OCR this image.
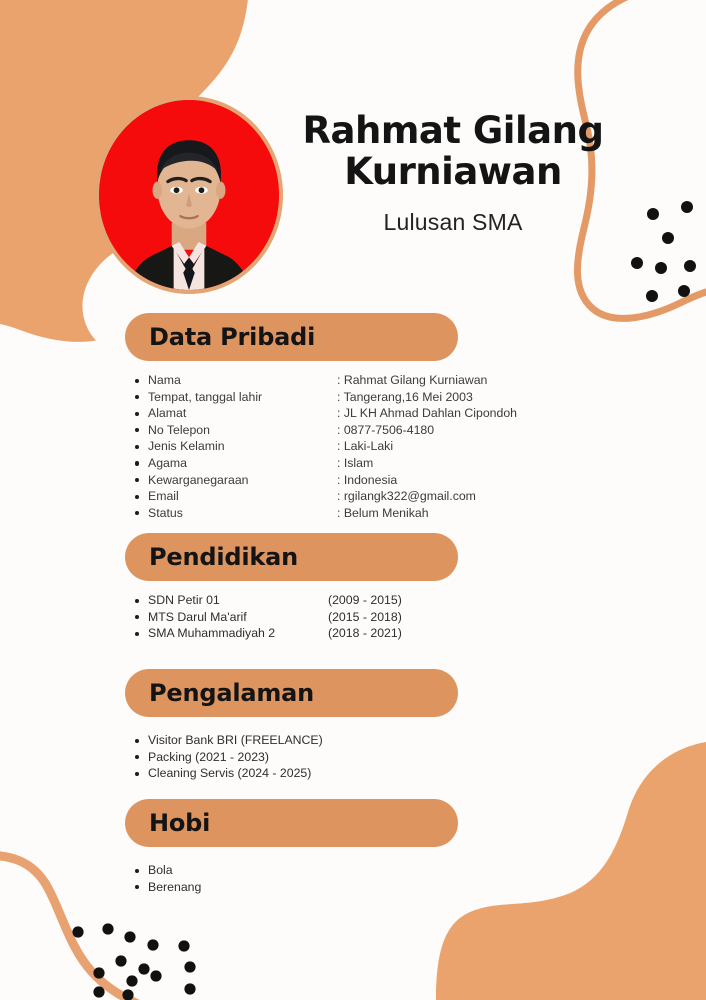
Rahmat Gilang
Kurniawan
Lulusan SMA
Data Pribadi
Nama	: Rahmat Gilang Kurniawan
Tempat, tanggal lahir	: Tangerang,16 Mei 2003
Alamat	: JL KH Ahmad Dahlan Cipondoh
No Telepon	: 0877-7506-4180
Jenis Kelamin	: Laki-Laki
Agama	: Islam
Kewarganegaraan	: Indonesia
Email	: rgilangk322@gmail.com
Status	: Belum Menikah
Pendidikan
SDN Petir 01	(2009 - 2015)
MTS Darul Ma'arif	(2015 - 2018)
SMA Muhammadiyah 2	(2018 - 2021)
Pengalaman
Visitor Bank BRI (FREELANCE)
Packing (2021 - 2023)
Cleaning Servis (2024 - 2025)
Hobi
Bola
Berenang
